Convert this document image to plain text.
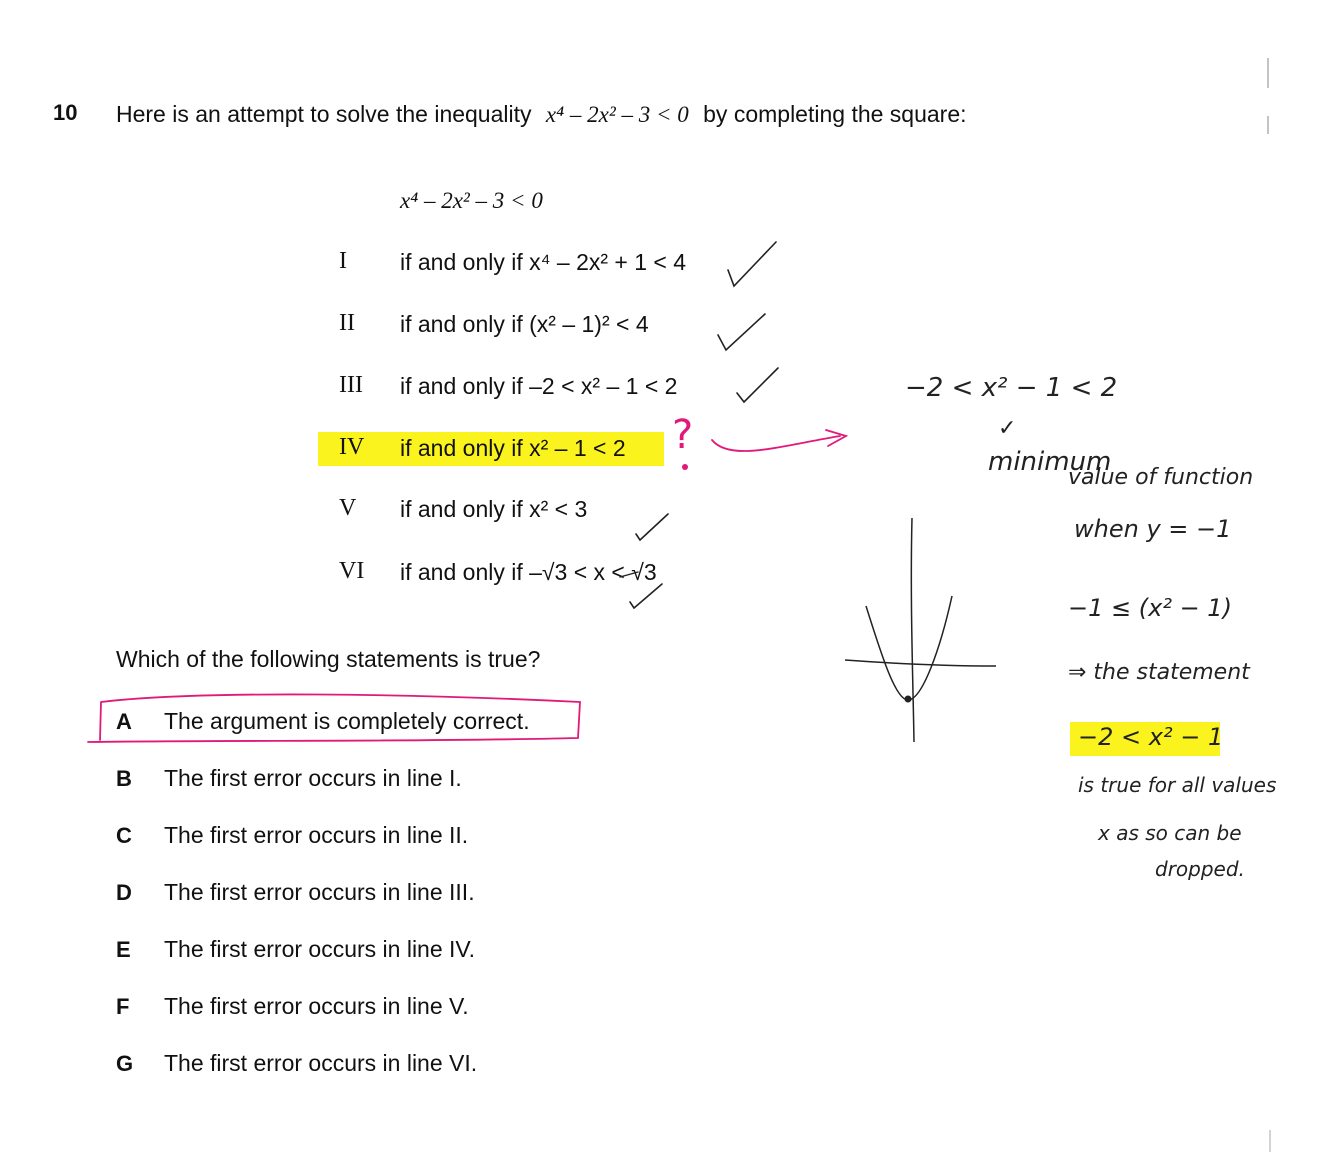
10 Here is an attempt to solve the inequality x⁴ – 2x² – 3 < 0 by completing the square:
x⁴ – 2x² – 3 < 0
I if and only if x⁴ – 2x² + 1 < 4
II if and only if (x² – 1)² < 4
III if and only if –2 < x² – 1 < 2
IV if and only if x² – 1 < 2
V if and only if x² < 3
VI if and only if –√3 < x < √3
Which of the following statements is true?
A The argument is completely correct.
B The first error occurs in line I.
C The first error occurs in line II.
D The first error occurs in line III.
E The first error occurs in line IV.
F The first error occurs in line V.
G The first error occurs in line VI.
?
−2 < x² − 1 < 2
✓
minimum
value of function
when y = −1
−1 ≤ (x² − 1)
⇒ the statement
−2 < x² − 1
is true for all values
x as so can be
dropped.
